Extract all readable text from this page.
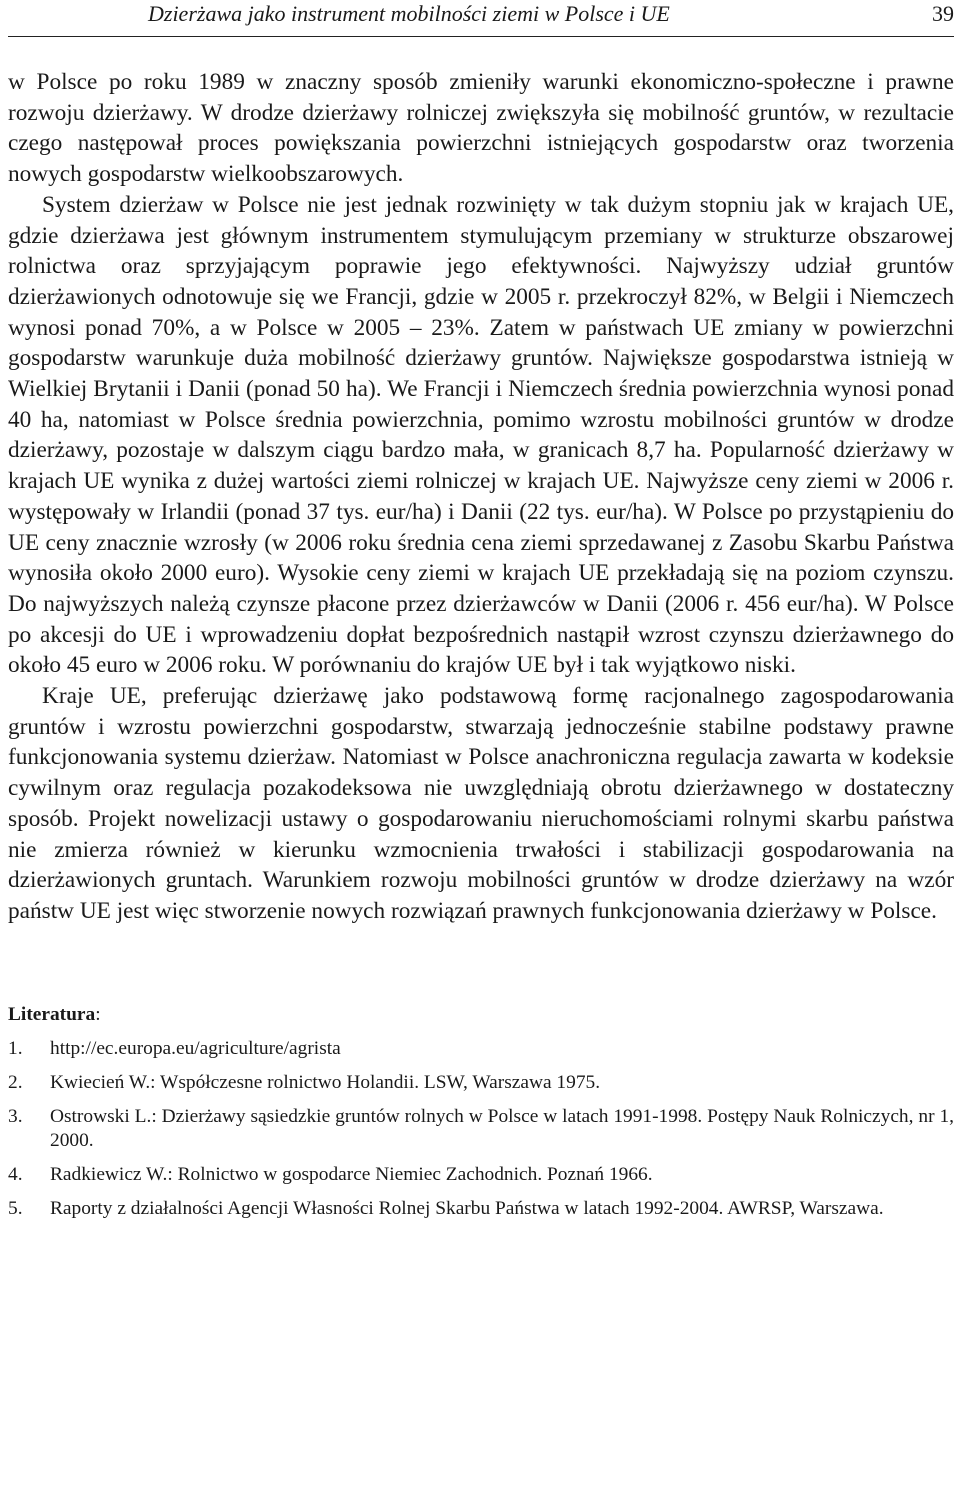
Dzierżawa jako instrument mobilności ziemi w Polsce i UE	39

w Polsce po roku 1989 w znaczny sposób zmieniły warunki ekonomiczno-społeczne i prawne rozwoju dzierżawy. W drodze dzierżawy rolniczej zwiększyła się mobilność gruntów, w rezultacie czego następował proces powiększania powierzchni istniejących gospodarstw oraz tworzenia nowych gospodarstw wielkoobszarowych.

System dzierżaw w Polsce nie jest jednak rozwinięty w tak dużym stopniu jak w krajach UE, gdzie dzierżawa jest głównym instrumentem stymulującym przemiany w strukturze obszarowej rolnictwa oraz sprzyjającym poprawie jego efektywności. Najwyższy udział gruntów dzierżawionych odnotowuje się we Francji, gdzie w 2005 r. przekroczył 82%, w Belgii i Niemczech wynosi ponad 70%, a w Polsce w 2005 – 23%. Zatem w państwach UE zmiany w powierzchni gospodarstw warunkuje duża mobilność dzierżawy gruntów. Największe gospodarstwa istnieją w Wielkiej Brytanii i Danii (ponad 50 ha). We Francji i Niemczech średnia powierzchnia wynosi ponad 40 ha, natomiast w Polsce średnia powierzchnia, pomimo wzrostu mobilności gruntów w drodze dzierżawy, pozostaje w dalszym ciągu bardzo mała, w granicach 8,7 ha. Popularność dzierżawy w krajach UE wynika z dużej wartości ziemi rolniczej w krajach UE. Najwyższe ceny ziemi w 2006 r. występowały w Irlandii (ponad 37 tys. eur/ha) i Danii (22 tys. eur/ha). W Polsce po przystąpieniu do UE ceny znacznie wzrosły (w 2006 roku średnia cena ziemi sprzedawanej z Zasobu Skarbu Państwa wynosiła około 2000 euro). Wysokie ceny ziemi w krajach UE przekładają się na poziom czynszu. Do najwyższych należą czynsze płacone przez dzierżawców w Danii (2006 r. 456 eur/ha). W Polsce po akcesji do UE i wprowadzeniu dopłat bezpośrednich nastąpił wzrost czynszu dzierżawnego do około 45 euro w 2006 roku. W porównaniu do krajów UE był i tak wyjątkowo niski.

Kraje UE, preferując dzierżawę jako podstawową formę racjonalnego zagospodarowania gruntów i wzrostu powierzchni gospodarstw, stwarzają jednocześnie stabilne podstawy prawne funkcjonowania systemu dzierżaw. Natomiast w Polsce anachroniczna regulacja zawarta w kodeksie cywilnym oraz regulacja pozakodeksowa nie uwzględniają obrotu dzierżawnego w dostateczny sposób. Projekt nowelizacji ustawy o gospodarowaniu nieruchomościami rolnymi skarbu państwa nie zmierza również w kierunku wzmocnienia trwałości i stabilizacji gospodarowania na dzierżawionych gruntach. Warunkiem rozwoju mobilności gruntów w drodze dzierżawy na wzór państw UE jest więc stworzenie nowych rozwiązań prawnych funkcjonowania dzierżawy w Polsce.

Literatura:
1.	http://ec.europa.eu/agriculture/agrista
2.	Kwiecień W.: Współczesne rolnictwo Holandii. LSW, Warszawa 1975.
3.	Ostrowski L.: Dzierżawy sąsiedzkie gruntów rolnych w Polsce w latach 1991-1998. Postępy Nauk Rolniczych, nr 1, 2000.
4.	Radkiewicz W.: Rolnictwo w gospodarce Niemiec Zachodnich. Poznań 1966.
5.	Raporty z działalności Agencji Własności Rolnej Skarbu Państwa w latach 1992-2004. AWRSP, Warszawa.
